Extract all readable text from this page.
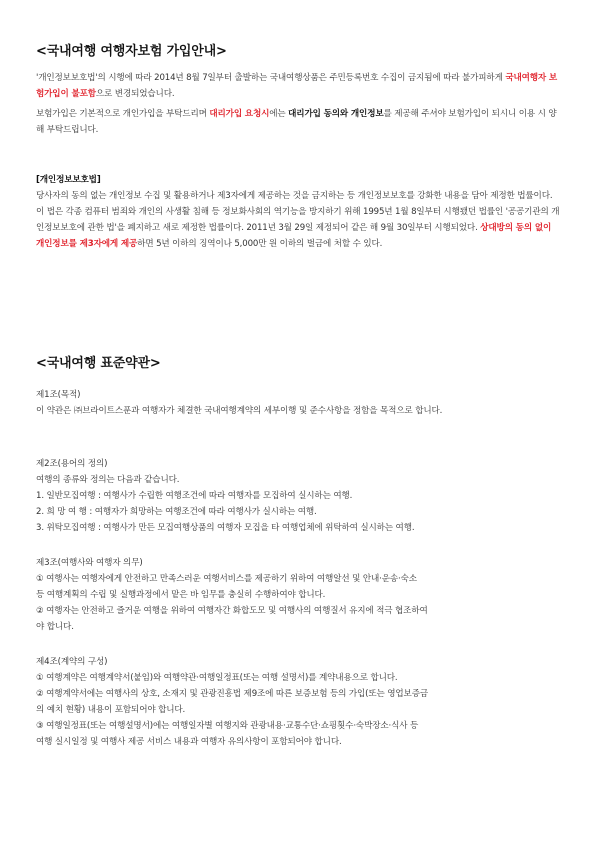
<국내여행 여행자보험 가입안내>
'개인정보보호법'의 시행에 따라 2014년 8월 7일부터 출발하는 국내여행상품은 주민등록번호 수집이 금지됨에 따라 불가피하게 국내여행자 보험가입이 불포함으로 변경되었습니다.
보험가입은 기본적으로 개인가입을 부탁드리며 대리가입 요청시에는 대리가입 동의와 개인정보를 제공해 주셔야 보험가입이 되시니 이용 시 양해 부탁드립니다.
[개인정보보호법]
당사자의 동의 없는 개인정보 수집 및 활용하거나 제3자에게 제공하는 것을 금지하는 등 개인정보보호를 강화한 내용을 담아 제정한 법률이다. 이 법은 각종 컴퓨터 범죄와 개인의 사생활 침해 등 정보화사회의 역기능을 방지하기 위해 1995년 1월 8일부터 시행됐던 법률인 '공공기관의 개인정보보호에 관한 법'을 폐지하고 새로 제정한 법률이다. 2011년 3월 29일 제정되어 같은 해 9월 30일부터 시행되었다. 상대방의 동의 없이 개인정보를 제3자에게 제공하면 5년 이하의 징역이나 5,000만 원 이하의 벌금에 처할 수 있다.
<국내여행 표준약관>
제1조(목적)
이 약관은 ㈜브라이트스푼과 여행자가 체결한 국내여행계약의 세부이행 및 준수사항을 정함을 목적으로 합니다.
제2조(용어의 정의)
여행의 종류와 정의는 다음과 같습니다.
1. 일반모집여행 : 여행사가 수립한 여행조건에 따라 여행자를 모집하여 실시하는 여행.
2. 희 망 여 행 : 여행자가 희망하는 여행조건에 따라 여행사가 실시하는 여행.
3. 위탁모집여행 : 여행사가 만든 모집여행상품의 여행자 모집을 타 여행업체에 위탁하여 실시하는 여행.
제3조(여행사와 여행자 의무)
① 여행사는 여행자에게 안전하고 만족스러운 여행서비스를 제공하기 위하여 여행알선 및 안내·운송·숙소
등 여행계획의 수립 및 실행과정에서 맡은 바 임무를 충실히 수행하여야 합니다.
② 여행자는 안전하고 즐거운 여행을 위하여 여행자간 화합도모 및 여행사의 여행질서 유지에 적극 협조하여
야 합니다.
제4조(계약의 구성)
① 여행계약은 여행계약서(붙임)와 여행약관·여행일정표(또는 여행 설명서)를 계약내용으로 합니다.
② 여행계약서에는 여행사의 상호, 소재지 및 관광진흥법 제9조에 따른 보증보험 등의 가입(또는 영업보증금
의 예치 현황) 내용이 포함되어야 합니다.
③ 여행일정표(또는 여행설명서)에는 여행일자별 여행지와 관광내용·교통수단·쇼핑횟수·숙박장소·식사 등
여행 실시일정 및 여행사 제공 서비스 내용과 여행자 유의사항이 포함되어야 합니다.
